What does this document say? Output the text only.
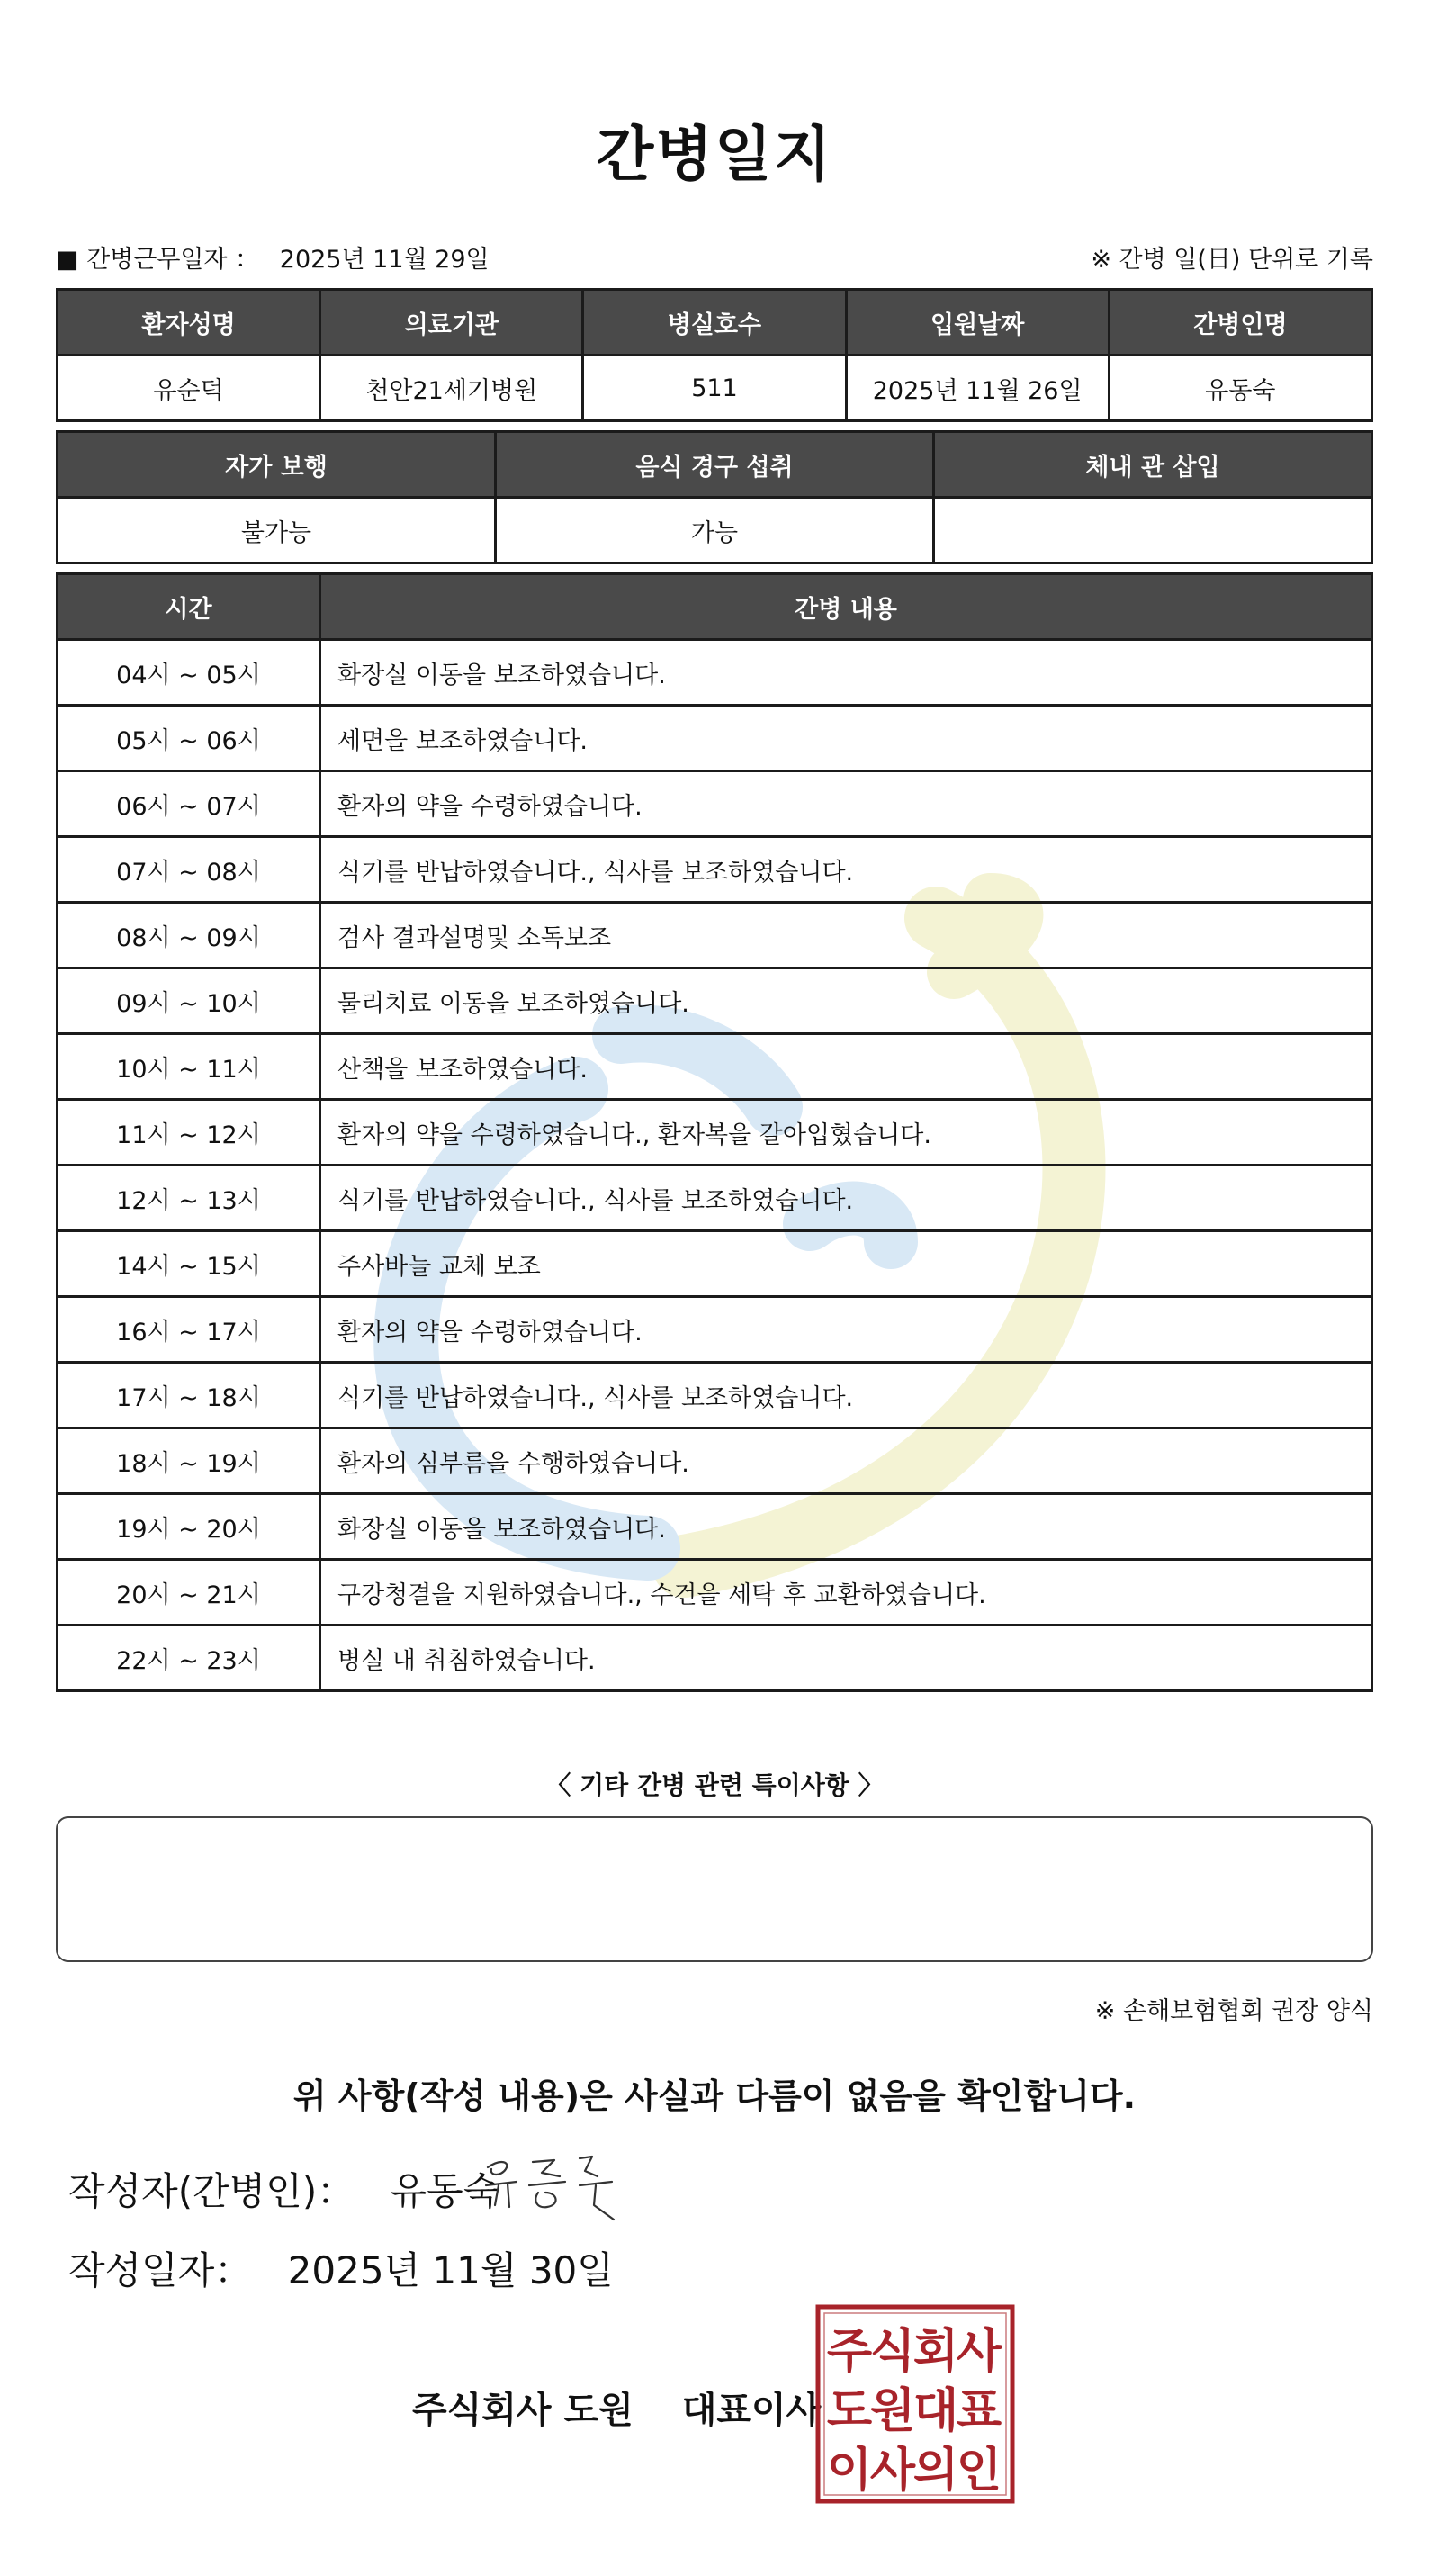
간병일지
■ 간병근무일자 ： 2025년 11월 29일	※ 간병 일(日) 단위로 기록
환자성명	의료기관	병실호수	입원날짜	간병인명
유순덕	천안21세기병원	511	2025년 11월 26일	유동숙
자가 보행	음식 경구 섭취	체내 관 삽입
불가능	가능	
시간	간병 내용
04시 ~ 05시	화장실 이동을 보조하였습니다.
05시 ~ 06시	세면을 보조하였습니다.
06시 ~ 07시	환자의 약을 수령하였습니다.
07시 ~ 08시	식기를 반납하였습니다., 식사를 보조하였습니다.
08시 ~ 09시	검사 결과설명및 소독보조
09시 ~ 10시	물리치료 이동을 보조하였습니다.
10시 ~ 11시	산책을 보조하였습니다.
11시 ~ 12시	환자의 약을 수령하였습니다., 환자복을 갈아입혔습니다.
12시 ~ 13시	식기를 반납하였습니다., 식사를 보조하였습니다.
14시 ~ 15시	주사바늘 교체 보조
16시 ~ 17시	환자의 약을 수령하였습니다.
17시 ~ 18시	식기를 반납하였습니다., 식사를 보조하였습니다.
18시 ~ 19시	환자의 심부름을 수행하였습니다.
19시 ~ 20시	화장실 이동을 보조하였습니다.
20시 ~ 21시	구강청결을 지원하였습니다., 수건을 세탁 후 교환하였습니다.
22시 ~ 23시	병실 내 취침하였습니다.
〈 기타 간병 관련 특이사항 〉
※ 손해보험협회 권장 양식
위 사항(작성 내용)은 사실과 다름이 없음을 확인합니다.
작성자(간병인)： 유동숙
작성일자： 2025년 11월 30일
주식회사 도원 대표이사
주
식
회
사
도
원
대
표
이
사
의
인
